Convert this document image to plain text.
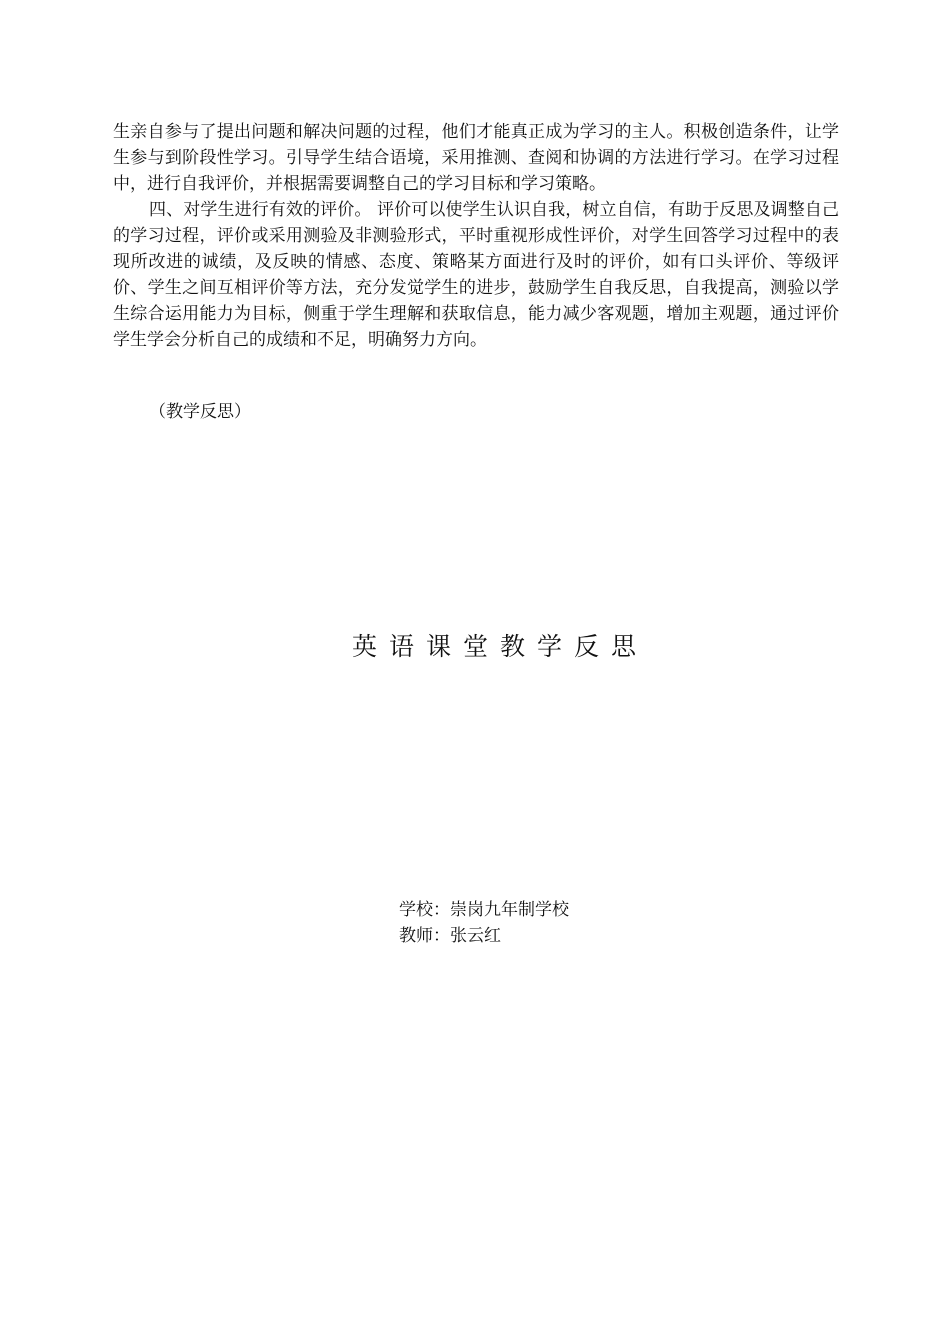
生亲自参与了提出问题和解决问题的过程，他们才能真正成为学习的主人。积极创造条件，让学生参与到阶段性学习。引导学生结合语境，采用推测、查阅和协调的方法进行学习。在学习过程中，进行自我评价，并根据需要调整自己的学习目标和学习策略。

四、对学生进行有效的评价。 评价可以使学生认识自我，树立自信，有助于反思及调整自己的学习过程，评价或采用测验及非测验形式，平时重视形成性评价，对学生回答学习过程中的表现所改进的诚绩，及反映的情感、态度、策略某方面进行及时的评价，如有口头评价、等级评价、学生之间互相评价等方法，充分发觉学生的进步，鼓励学生自我反思，自我提高，测验以学生综合运用能力为目标，侧重于学生理解和获取信息，能力减少客观题，增加主观题，通过评价学生学会分析自己的成绩和不足，明确努力方向。

（教学反思）
英语课堂教学反思
学校：崇岗九年制学校
教师：张云红
